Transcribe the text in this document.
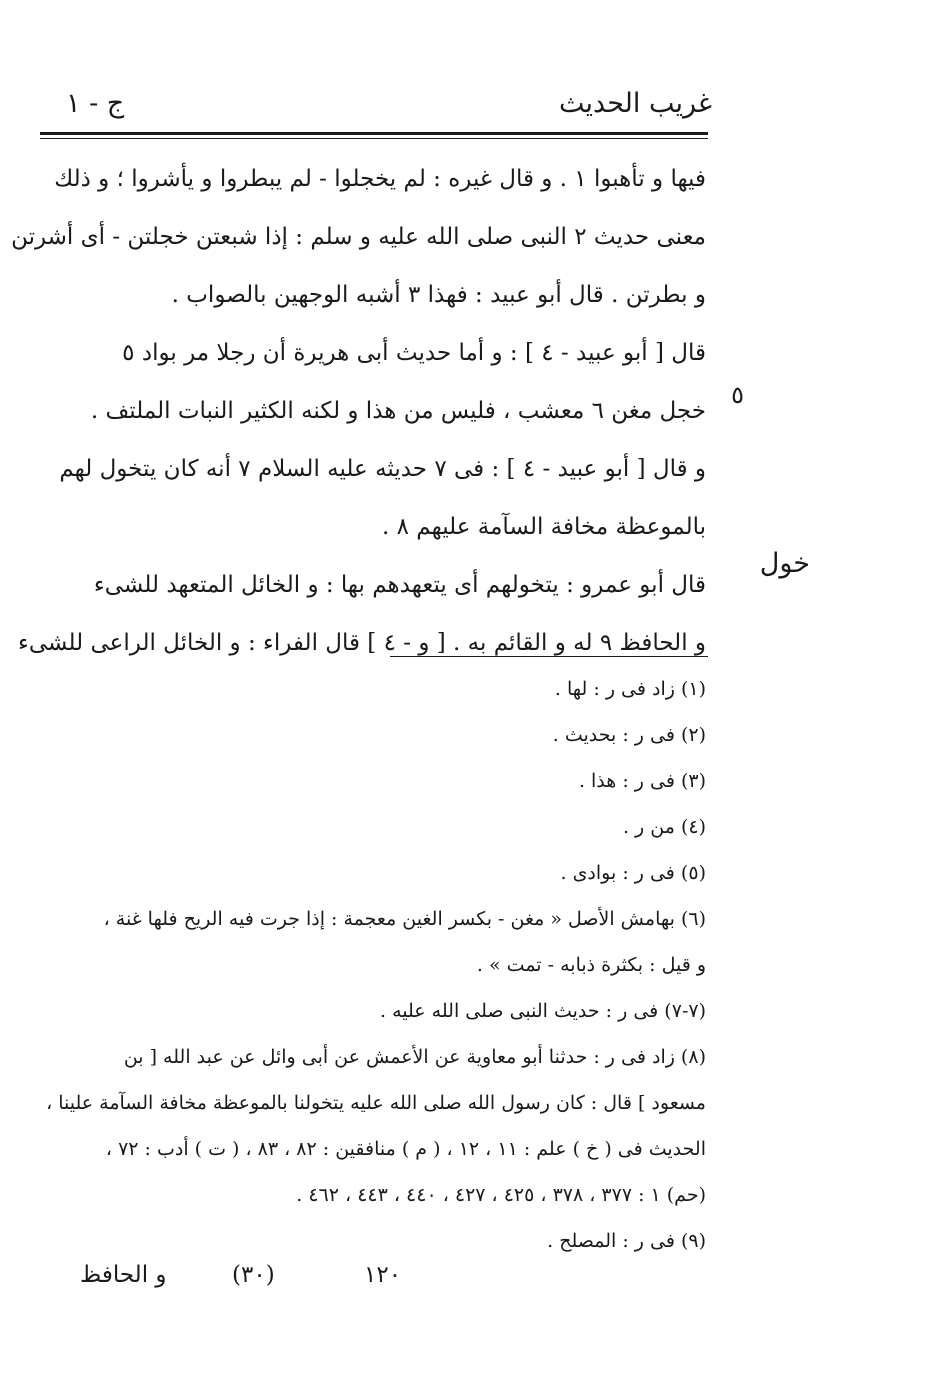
غريب الحديث
ج - ١
فيها و تأهبوا ١ . و قال غيره : لم يخجلوا - لم يبطروا و يأشروا ؛ و ذلك
معنى حديث ٢ النبى صلى الله عليه و سلم : إذا شبعتن خجلتن - أى أشرتن
و بطرتن . قال أبو عبيد : فهذا ٣ أشبه الوجهين بالصواب .
قال [ أبو عبيد - ٤ ] : و أما حديث أبى هريرة أن رجلا مر بواد ٥
خجل مغن ٦ معشب ، فليس من هذا و لكنه الكثير النبات الملتف .
و قال [ أبو عبيد - ٤ ] : فى ٧ حديثه عليه السلام ٧ أنه كان يتخول لهم
بالموعظة مخافة السآمة عليهم ٨ .
قال أبو عمرو : يتخولهم أى يتعهدهم بها : و الخائل المتعهد للشىء
و الحافظ ٩ له و القائم به . [ و - ٤ ] قال الفراء : و الخائل الراعى للشىء
٥
خول
(١) زاد فى ر : لها .
(٢) فى ر : بحديث .
(٣) فى ر : هذا .
(٤) من ر .
(٥) فى ر : بوادى .
(٦) بهامش الأصل « مغن - بكسر الغين معجمة : إذا جرت فيه الريح فلها غنة ،
و قيل : بكثرة ذبابه - تمت » .
(٧-٧) فى ر : حديث النبى صلى الله عليه .
(٨) زاد فى ر : حدثنا أبو معاوية عن الأعمش عن أبى وائل عن عبد الله [ بن
مسعود ] قال : كان رسول الله صلى الله عليه يتخولنا بالموعظة مخافة السآمة علينا ،
الحديث فى ( خ ) علم : ١١ ، ١٢ ، ( م ) منافقين : ٨٢ ، ٨٣ ، ( ت ) أدب : ٧٢ ،
(حم) ١ : ٣٧٧ ، ٣٧٨ ، ٤٢٥ ، ٤٢٧ ، ٤٤٠ ، ٤٤٣ ، ٤٦٢ .
(٩) فى ر : المصلح .
١٢٠
(٣٠)
و الحافظ
